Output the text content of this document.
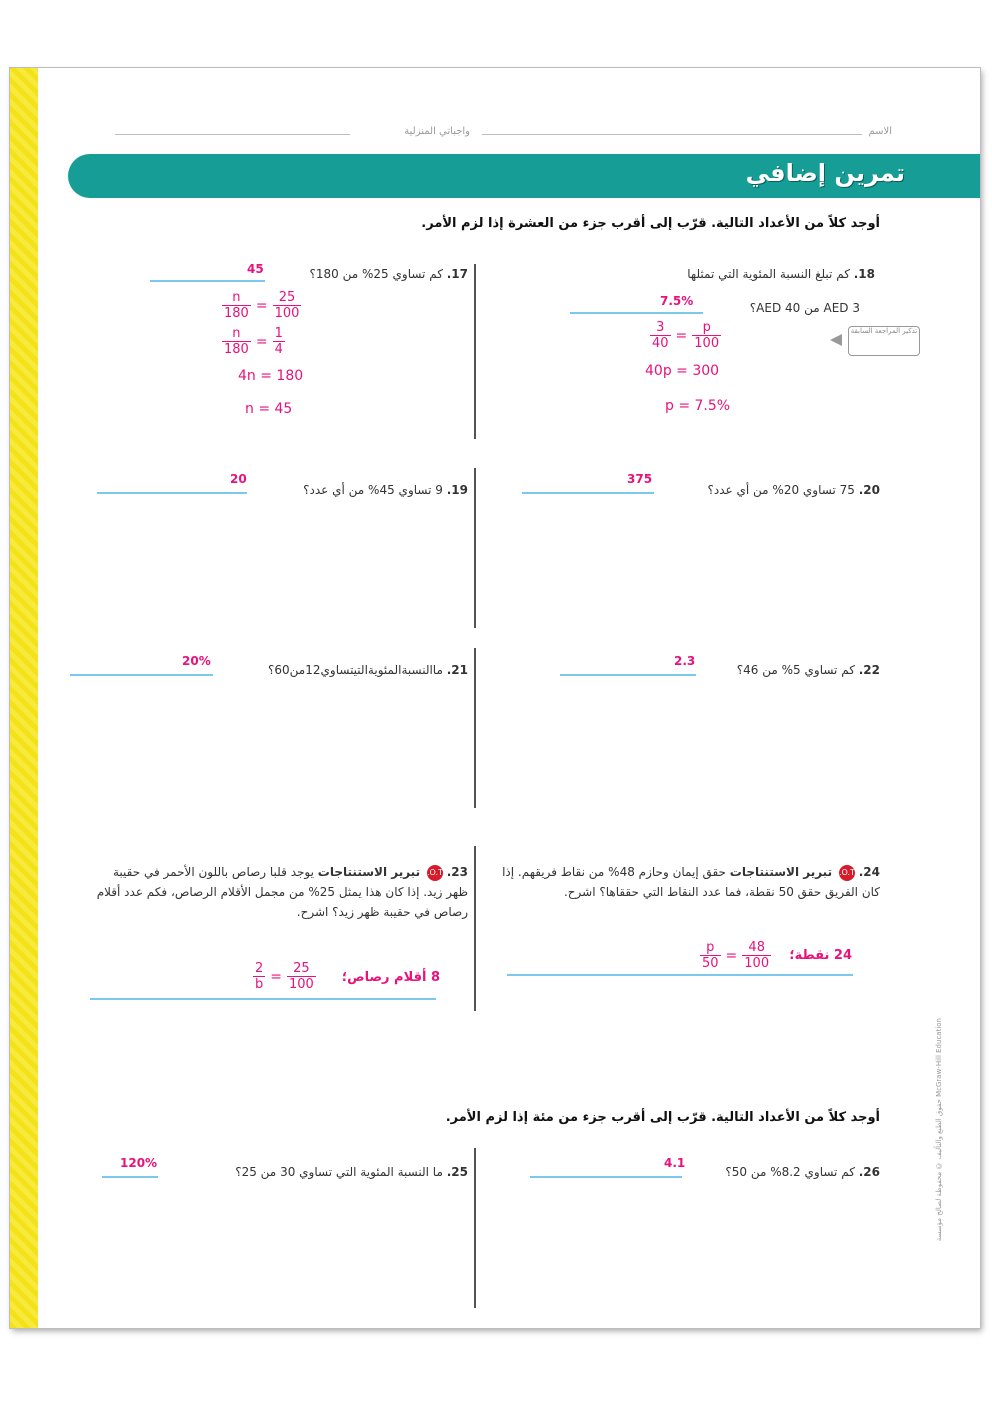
الاسم
واجباتي المنزلية
تمرين إضافي
أوجد كلاً من الأعداد التالية. قرّب إلى أقرب جزء من العشرة إذا لزم الأمر.
18. كم تبلغ النسبة المئوية التي تمثلها
3 AED من 40 AED؟
7.5%
$\frac{3}{40} = \frac{p}{100}$
40p = 300
p = 7.5%
تذكير المراجعة السابقة
17. كم تساوي 25% من 180؟
45
$\frac{n}{180} = \frac{25}{100}$
$\frac{n}{180} = \frac{1}{4}$
4n = 180
n = 45
20. 75 تساوي 20% من أي عدد؟
375
19. 9 تساوي 45% من أي عدد؟
20
22. كم تساوي 5% من 46؟
2.3
21. ماالنسبةالمئويةالتيتساوي12من60؟
20%
24. H.O.T تبرير الاستنتاجات حقق إيمان وحازم 48% من نقاط فريقهم. إذا كان الفريق حقق 50 نقطة، فما عدد النقاط التي حققاها؟ اشرح.
24 نقطة؛
$\frac{p}{50} = \frac{48}{100}$
23. H.O.T تبرير الاستنتاجات يوجد قلبا رصاص باللون الأحمر في حقيبة ظهر زيد. إذا كان هذا يمثل 25% من مجمل الأقلام الرصاص، فكم عدد أقلام رصاص في حقيبة ظهر زيد؟ اشرح.
8 أقلام رصاص؛
$\frac{2}{b} = \frac{25}{100}$
أوجد كلاً من الأعداد التالية. قرّب إلى أقرب جزء من مئة إذا لزم الأمر.
26. كم تساوي 8.2% من 50؟
4.1
25. ما النسبة المئوية التي تساوي 30 من 25؟
120%	حقوق الطبع والتأليف © محفوظة لصالح مؤسسة McGraw-Hill Education
